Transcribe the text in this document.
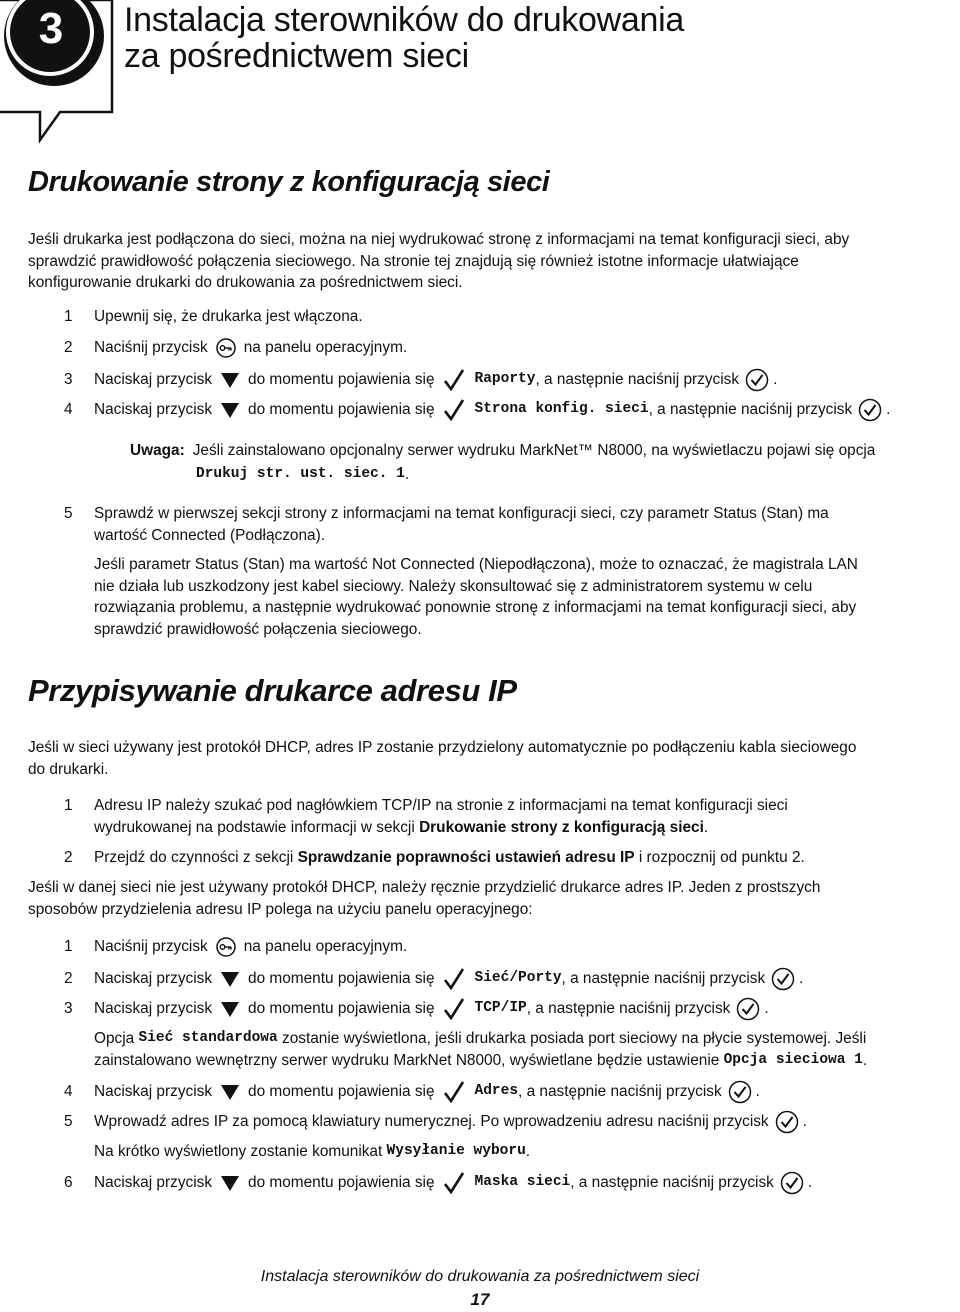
3 Instalacja sterowników do drukowania
za pośrednictwem sieci
Drukowanie strony z konfiguracją sieci
Jeśli drukarka jest podłączona do sieci, można na niej wydrukować stronę z informacjami na temat konfiguracji sieci, aby
sprawdzić prawidłowość połączenia sieciowego. Na stronie tej znajdują się również istotne informacje ułatwiające
konfigurowanie drukarki do drukowania za pośrednictwem sieci.
1	Upewnij się, że drukarka jest włączona.
2	Naciśnij przycisk na panelu operacyjnym.
3	Naciskaj przycisk do momentu pojawienia się	Raporty , a następnie naciśnij przycisk .
4	Naciskaj przycisk do momentu pojawienia się	Strona konfig. sieci , a następnie naciśnij przycisk .
Uwaga: Jeśli zainstalowano opcjonalny serwer wydruku MarkNet™ N8000, na wyświetlaczu pojawi się opcja
Drukuj str. ust. siec. 1 .
5	Sprawdź w pierwszej sekcji strony z informacjami na temat konfiguracji sieci, czy parametr Status (Stan) ma
wartość Connected (Podłączona).
Jeśli parametr Status (Stan) ma wartość Not Connected (Niepodłączona), może to oznaczać, że magistrala LAN
nie działa lub uszkodzony jest kabel sieciowy. Należy skonsultować się z administratorem systemu w celu
rozwiązania problemu, a następnie wydrukować ponownie stronę z informacjami na temat konfiguracji sieci, aby
sprawdzić prawidłowość połączenia sieciowego.
Przypisywanie drukarce adresu IP
Jeśli w sieci używany jest protokół DHCP, adres IP zostanie przydzielony automatycznie po podłączeniu kabla sieciowego
do drukarki.
1	Adresu IP należy szukać pod nagłówkiem TCP/IP na stronie z informacjami na temat konfiguracji sieci
wydrukowanej na podstawie informacji w sekcji Drukowanie strony z konfiguracją sieci .
2	Przejdź do czynności z sekcji Sprawdzanie poprawności ustawień adresu IP i rozpocznij od punktu 2.
Jeśli w danej sieci nie jest używany protokół DHCP, należy ręcznie przydzielić drukarce adres IP. Jeden z prostszych
sposobów przydzielenia adresu IP polega na użyciu panelu operacyjnego:
1	Naciśnij przycisk na panelu operacyjnym.
2	Naciskaj przycisk do momentu pojawienia się	Sieć/Porty , a następnie naciśnij przycisk .
3	Naciskaj przycisk do momentu pojawienia się	TCP/IP , a następnie naciśnij przycisk .
Opcja Sieć standardowa zostanie wyświetlona, jeśli drukarka posiada port sieciowy na płycie systemowej. Jeśli
zainstalowano wewnętrzny serwer wydruku MarkNet N8000, wyświetlane będzie ustawienie Opcja sieciowa 1 .
4	Naciskaj przycisk do momentu pojawienia się	Adres , a następnie naciśnij przycisk .
5	Wprowadź adres IP za pomocą klawiatury numerycznej. Po wprowadzeniu adresu naciśnij przycisk .
Na krótko wyświetlony zostanie komunikat Wysyłanie wyboru .
6	Naciskaj przycisk do momentu pojawienia się	Maska sieci , a następnie naciśnij przycisk .
Instalacja sterowników do drukowania za pośrednictwem sieci
17
